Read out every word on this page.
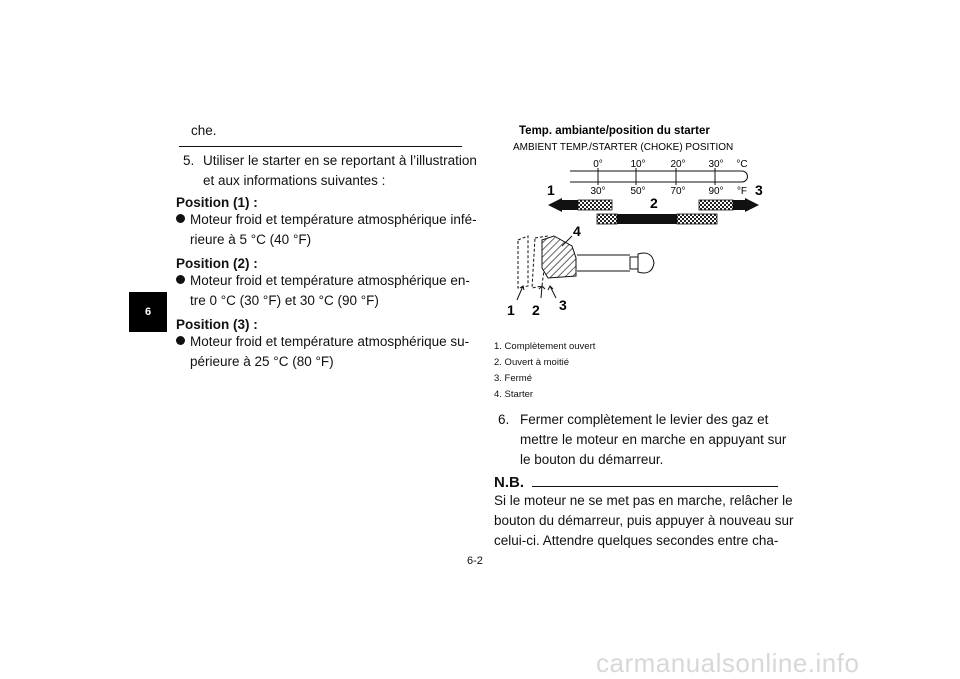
6
che.
5. Utiliser le starter en se reportant à l’illustration
et aux informations suivantes :
Position (1) :
Moteur froid et température atmosphérique infé-
rieure à 5 °C (40 °F)
Position (2) :
Moteur froid et température atmosphérique en-
tre 0 °C (30 °F) et 30 °C (90 °F)
Position (3) :
Moteur froid et température atmosphérique su-
périeure à 25 °C (80 °F)
Temp. ambiante/position du starter
AMBIENT TEMP./STARTER (CHOKE) POSITION
0°	10° 20° 30° °C
30° 50° 70° 90° °F
1
2
3
4
1 2 3
1. Complètement ouvert
2. Ouvert à moitié
3. Fermé
4. Starter
6. Fermer complètement le levier des gaz et
mettre le moteur en marche en appuyant sur
le bouton du démarreur.
N.B.
Si le moteur ne se met pas en marche, relâcher le
bouton du démarreur, puis appuyer à nouveau sur
celui-ci. Attendre quelques secondes entre cha-
6-2
carmanualsonline.info
